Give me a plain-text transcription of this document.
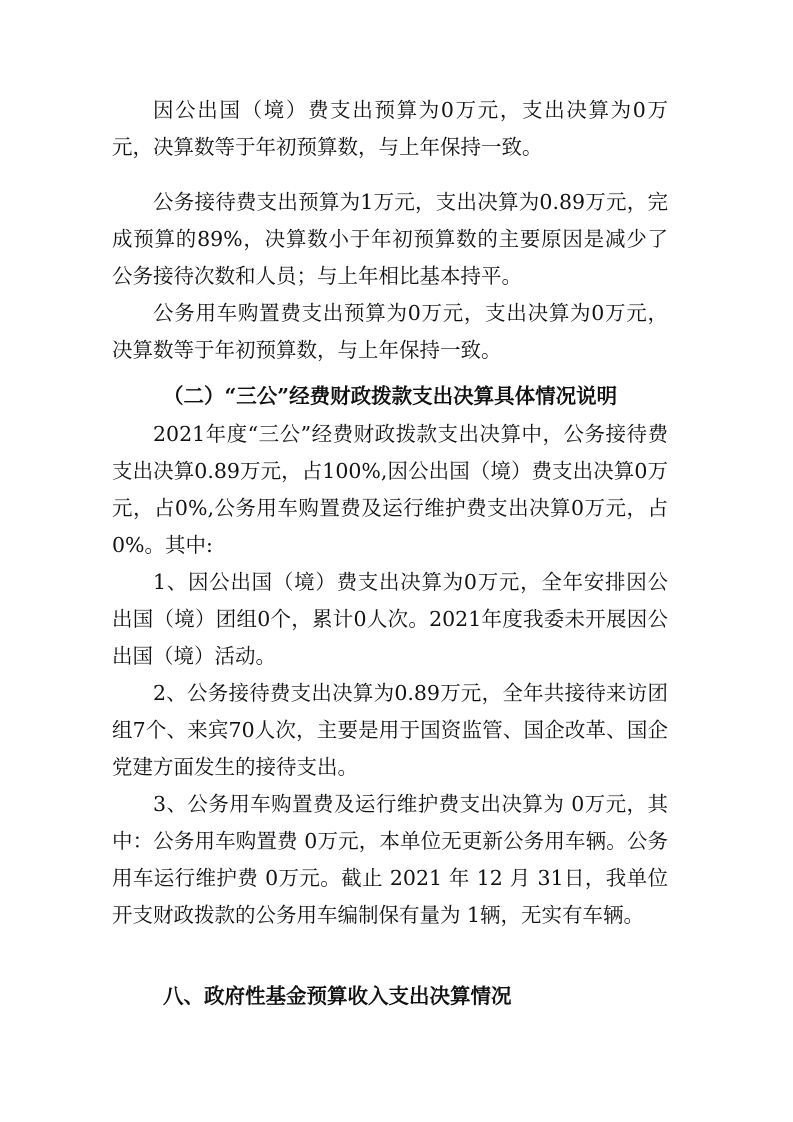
因公出国（境）费支出预算为0万元，支出决算为0万元，决算数等于年初预算数，与上年保持一致。

公务接待费支出预算为1万元，支出决算为0.89万元，完成预算的89%，决算数小于年初预算数的主要原因是减少了公务接待次数和人员；与上年相比基本持平。

公务用车购置费支出预算为0万元，支出决算为0万元，决算数等于年初预算数，与上年保持一致。

（二）“三公”经费财政拨款支出决算具体情况说明

2021年度“三公”经费财政拨款支出决算中，公务接待费支出决算0.89万元，占100%,因公出国（境）费支出决算0万元，占0%,公务用车购置费及运行维护费支出决算0万元，占0%。其中:

1、因公出国（境）费支出决算为0万元，全年安排因公出国（境）团组0个，累计0人次。2021年度我委未开展因公出国（境）活动。

2、公务接待费支出决算为0.89万元，全年共接待来访团组7个、来宾70人次，主要是用于国资监管、国企改革、国企党建方面发生的接待支出。

3、公务用车购置费及运行维护费支出决算为 0万元，其中：公务用车购置费 0万元，本单位无更新公务用车辆。公务用车运行维护费 0万元。截止 2021 年 12 月 31日，我单位开支财政拨款的公务用车编制保有量为 1辆，无实有车辆。

八、政府性基金预算收入支出决算情况
